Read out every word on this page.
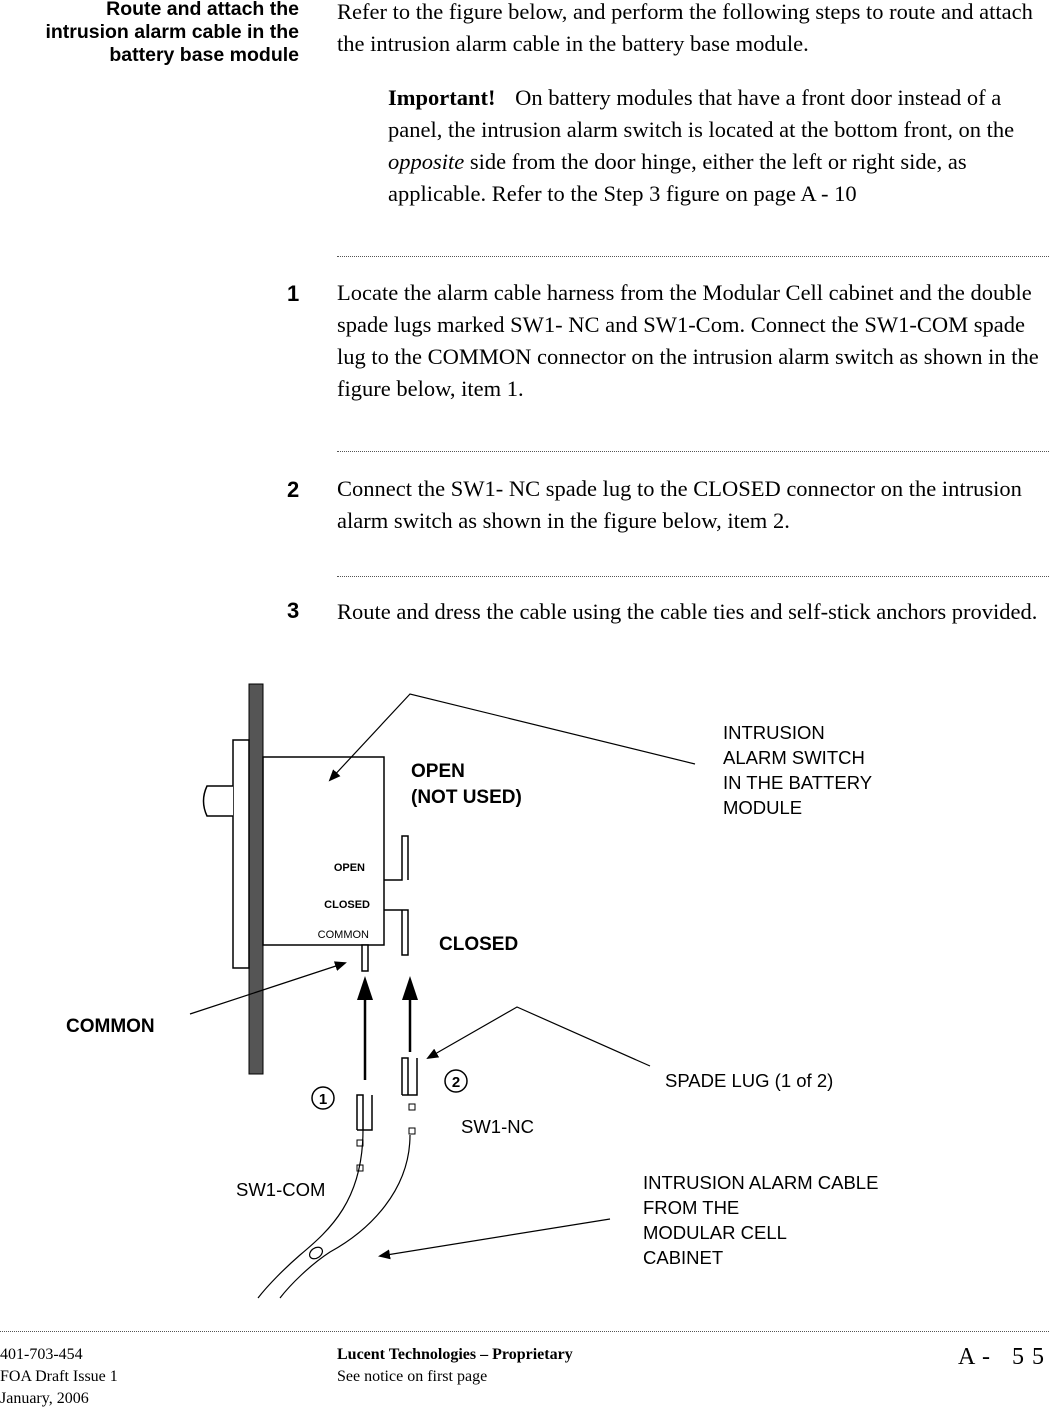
Route and attach the
intrusion alarm cable in the
battery base module
Refer to the figure below, and perform the following steps to route and attach the intrusion alarm cable in the battery base module.
Important! On battery modules that have a front door instead of a panel, the intrusion alarm switch is located at the bottom front, on the opposite side from the door hinge, either the left or right side, as applicable. Refer to the Step 3 figure on page A - 10
1 Locate the alarm cable harness from the Modular Cell cabinet and the double spade lugs marked SW1- NC and SW1-Com. Connect the SW1-COM spade lug to the COMMON connector on the intrusion alarm switch as shown in the figure below, item 1.
2 Connect the SW1- NC spade lug to the CLOSED connector on the intrusion alarm switch as shown in the figure below, item 2.
3 Route and dress the cable using the cable ties and self-stick anchors provided.
OPEN
CLOSED
COMMON
1
2
INTRUSION ALARM SWITCH IN THE BATTERY MODULE
OPEN (NOT USED)
CLOSED
COMMON
SPADE LUG (1 of 2)
SW1-NC
SW1-COM	INTRUSION ALARM CABLE FROM THE MODULAR CELL CABINET
401-703-454
FOA Draft Issue 1
January, 2006
Lucent Technologies – Proprietary
See notice on first page
A -   5 5
